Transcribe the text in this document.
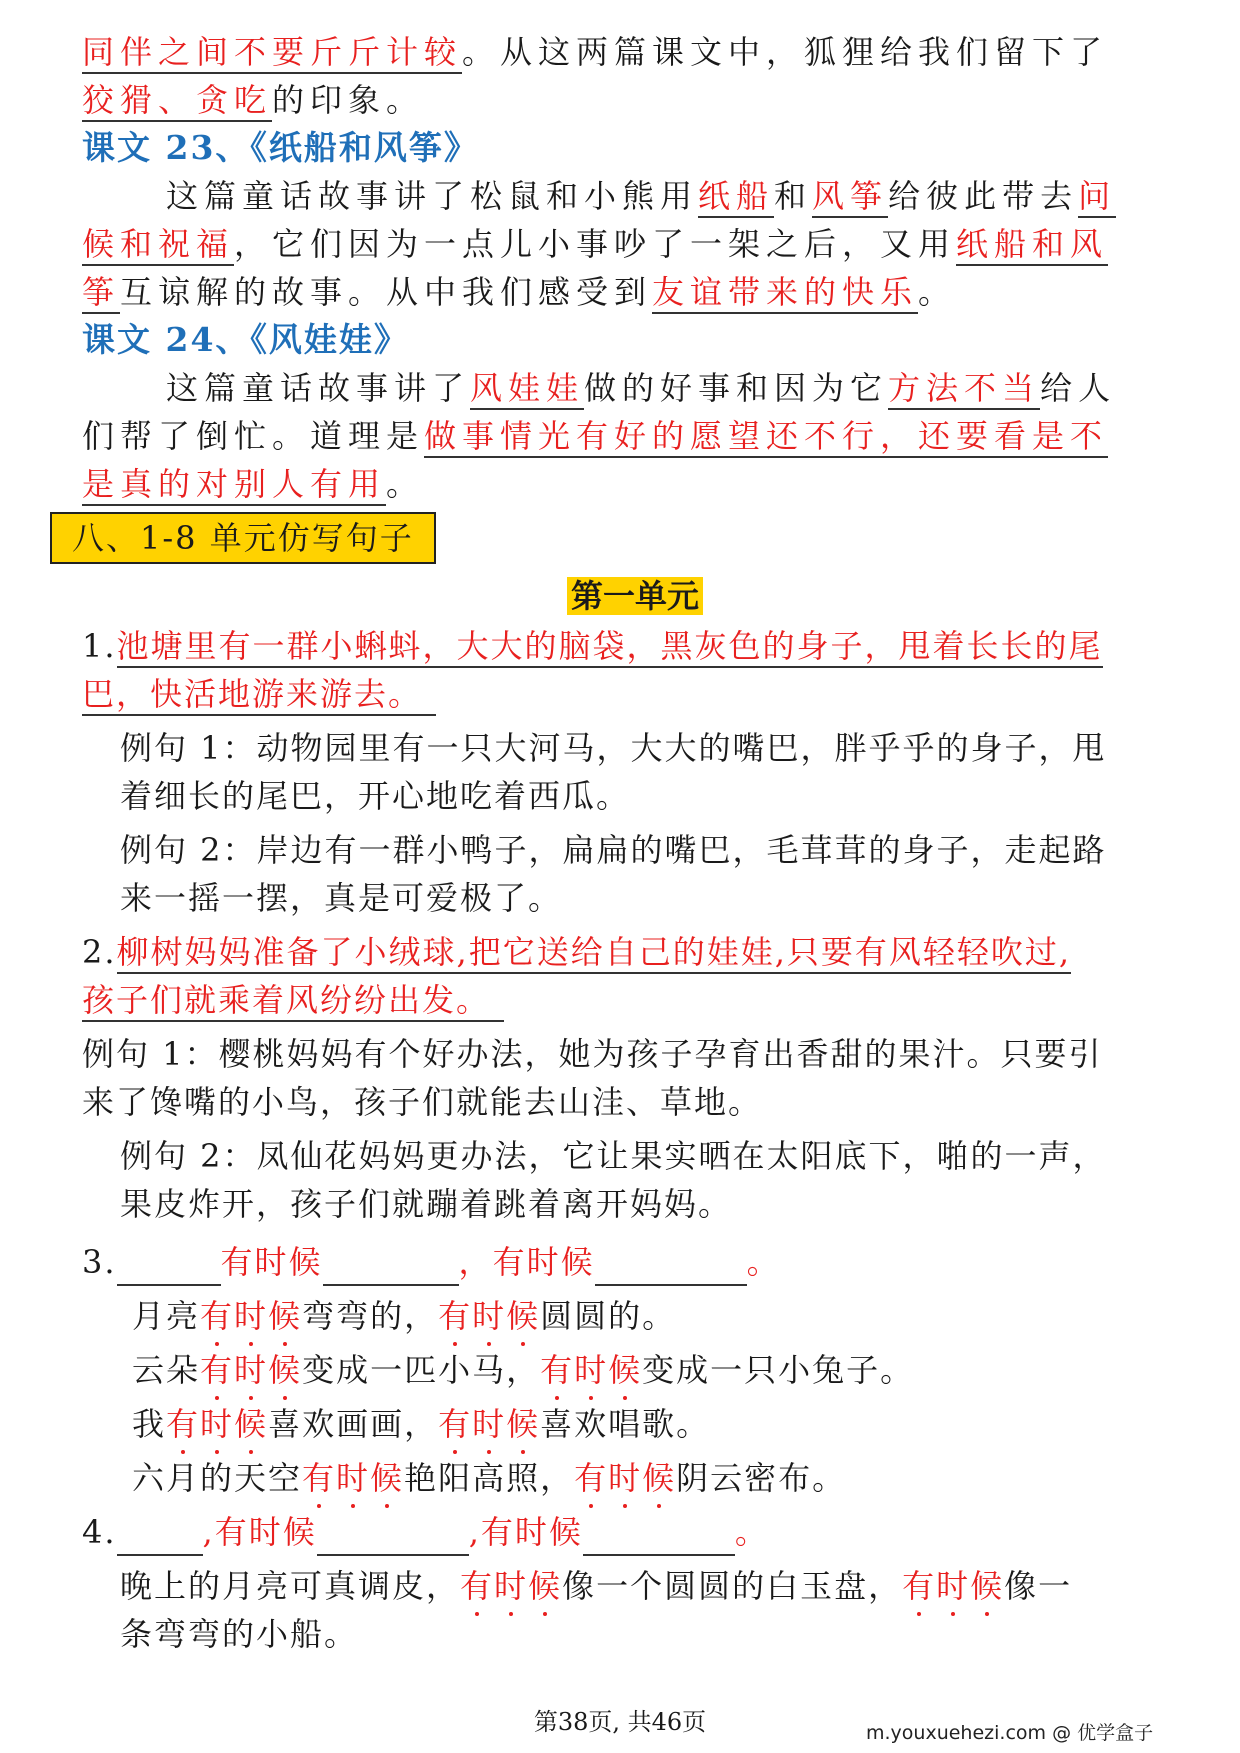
同伴之间不要斤斤计较。从这两篇课文中，狐狸给我们留下了
狡猾、贪吃的印象。
课文 23、《纸船和风筝》
这篇童话故事讲了松鼠和小熊用纸船和风筝给彼此带去问
候和祝福，它们因为一点儿小事吵了一架之后，又用纸船和风
筝互谅解的故事。从中我们感受到友谊带来的快乐。
课文 24、《风娃娃》
这篇童话故事讲了风娃娃做的好事和因为它方法不当给人
们帮了倒忙。道理是做事情光有好的愿望还不行，还要看是不
是真的对别人有用。
八、1-8 单元仿写句子
第一单元
1.池塘里有一群小蝌蚪，大大的脑袋，黑灰色的身子，甩着长长的尾
巴，快活地游来游去。
例句 1：动物园里有一只大河马，大大的嘴巴，胖乎乎的身子，甩
着细长的尾巴，开心地吃着西瓜。
例句 2：岸边有一群小鸭子，扁扁的嘴巴，毛茸茸的身子，走起路
来一摇一摆，真是可爱极了。
2.柳树妈妈准备了小绒球,把它送给自己的娃娃,只要有风轻轻吹过,
孩子们就乘着风纷纷出发。
例句 1：樱桃妈妈有个好办法，她为孩子孕育出香甜的果汁。只要引
来了馋嘴的小鸟，孩子们就能去山洼、草地。
例句 2：凤仙花妈妈更办法，它让果实晒在太阳底下，啪的一声，
果皮炸开，孩子们就蹦着跳着离开妈妈。
3.	有时候	，有时候	。
月亮有时候弯弯的，有时候圆圆的。
云朵有时候变成一匹小马，有时候变成一只小兔子。
我有时候喜欢画画，有时候喜欢唱歌。
六月的天空有时候艳阳高照，有时候阴云密布。
4.	,有时候	,有时候	。
晚上的月亮可真调皮，有时候像一个圆圆的白玉盘，有时候像一
条弯弯的小船。
第38页, 共46页	m.youxuehezi.com @ 优学盒子
